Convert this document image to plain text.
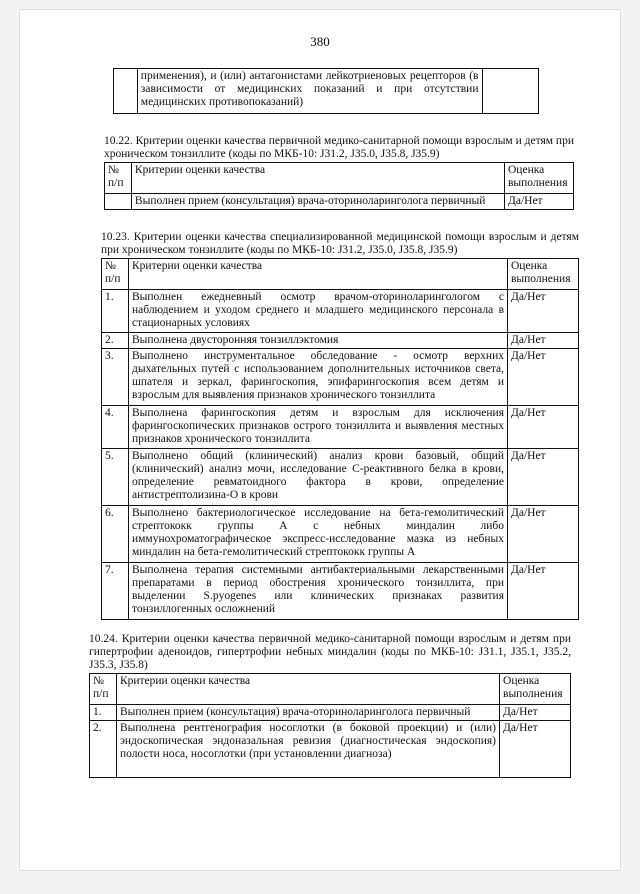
380
	применения), и (или) антагонистами лейкотриеновых рецепторов (в зависимости от медицинских показаний и при отсутствии медицинских противопоказаний)	
10.22. Критерии оценки качества первичной медико-санитарной помощи взрослым и детям при хроническом тонзиллите (коды по МКБ-10: J31.2, J35.0, J35.8, J35.9)
№ п/п	Критерии оценки качества	Оценка выполнения
	Выполнен прием (консультация) врача-оториноларинголога первичный	Да/Нет
10.23. Критерии оценки качества специализированной медицинской помощи взрослым и детям при хроническом тонзиллите (коды по МКБ-10: J31.2, J35.0, J35.8, J35.9)
№ п/п	Критерии оценки качества	Оценка выполнения
1.	Выполнен ежедневный осмотр врачом-оториноларингологом с наблюдением и уходом среднего и младшего медицинского персонала в стационарных условиях	Да/Нет
2.	Выполнена двусторонняя тонзиллэктомия	Да/Нет
3.	Выполнено инструментальное обследование - осмотр верхних дыхательных путей с использованием дополнительных источников света, шпателя и зеркал, фарингоскопия, эпифарингоскопия всем детям и взрослым для выявления признаков хронического тонзиллита	Да/Нет
4.	Выполнена фарингоскопия детям и взрослым для исключения фарингоскопических признаков острого тонзиллита и выявления местных признаков хронического тонзиллита	Да/Нет
5.	Выполнено общий (клинический) анализ крови базовый, общий (клинический) анализ мочи, исследование С-реактивного белка в крови, определение ревматоидного фактора в крови, определение антистрептолизина-О в крови	Да/Нет
6.	Выполнено бактериологическое исследование на бета-гемолитический стрептококк группы А с небных миндалин либо иммунохроматографическое экспресс-исследование мазка из небных миндалин на бета-гемолитический стрептококк группы А	Да/Нет
7.	Выполнена терапия системными антибактериальными лекарственными препаратами в период обострения хронического тонзиллита, при выделении S.pyogenes или клинических признаках развития тонзиллогенных осложнений	Да/Нет
10.24. Критерии оценки качества первичной медико-санитарной помощи взрослым и детям при гипертрофии аденоидов, гипертрофии небных миндалин (коды по МКБ-10: J31.1, J35.1, J35.2, J35.3, J35.8)
№ п/п	Критерии оценки качества	Оценка выполнения
1.	Выполнен прием (консультация) врача-оториноларинголога первичный	Да/Нет
2.	Выполнена рентгенография носоглотки (в боковой проекции) и (или) эндоскопическая эндоназальная ревизия (диагностическая эндоскопия) полости носа, носоглотки (при установлении диагноза)	Да/Нет
